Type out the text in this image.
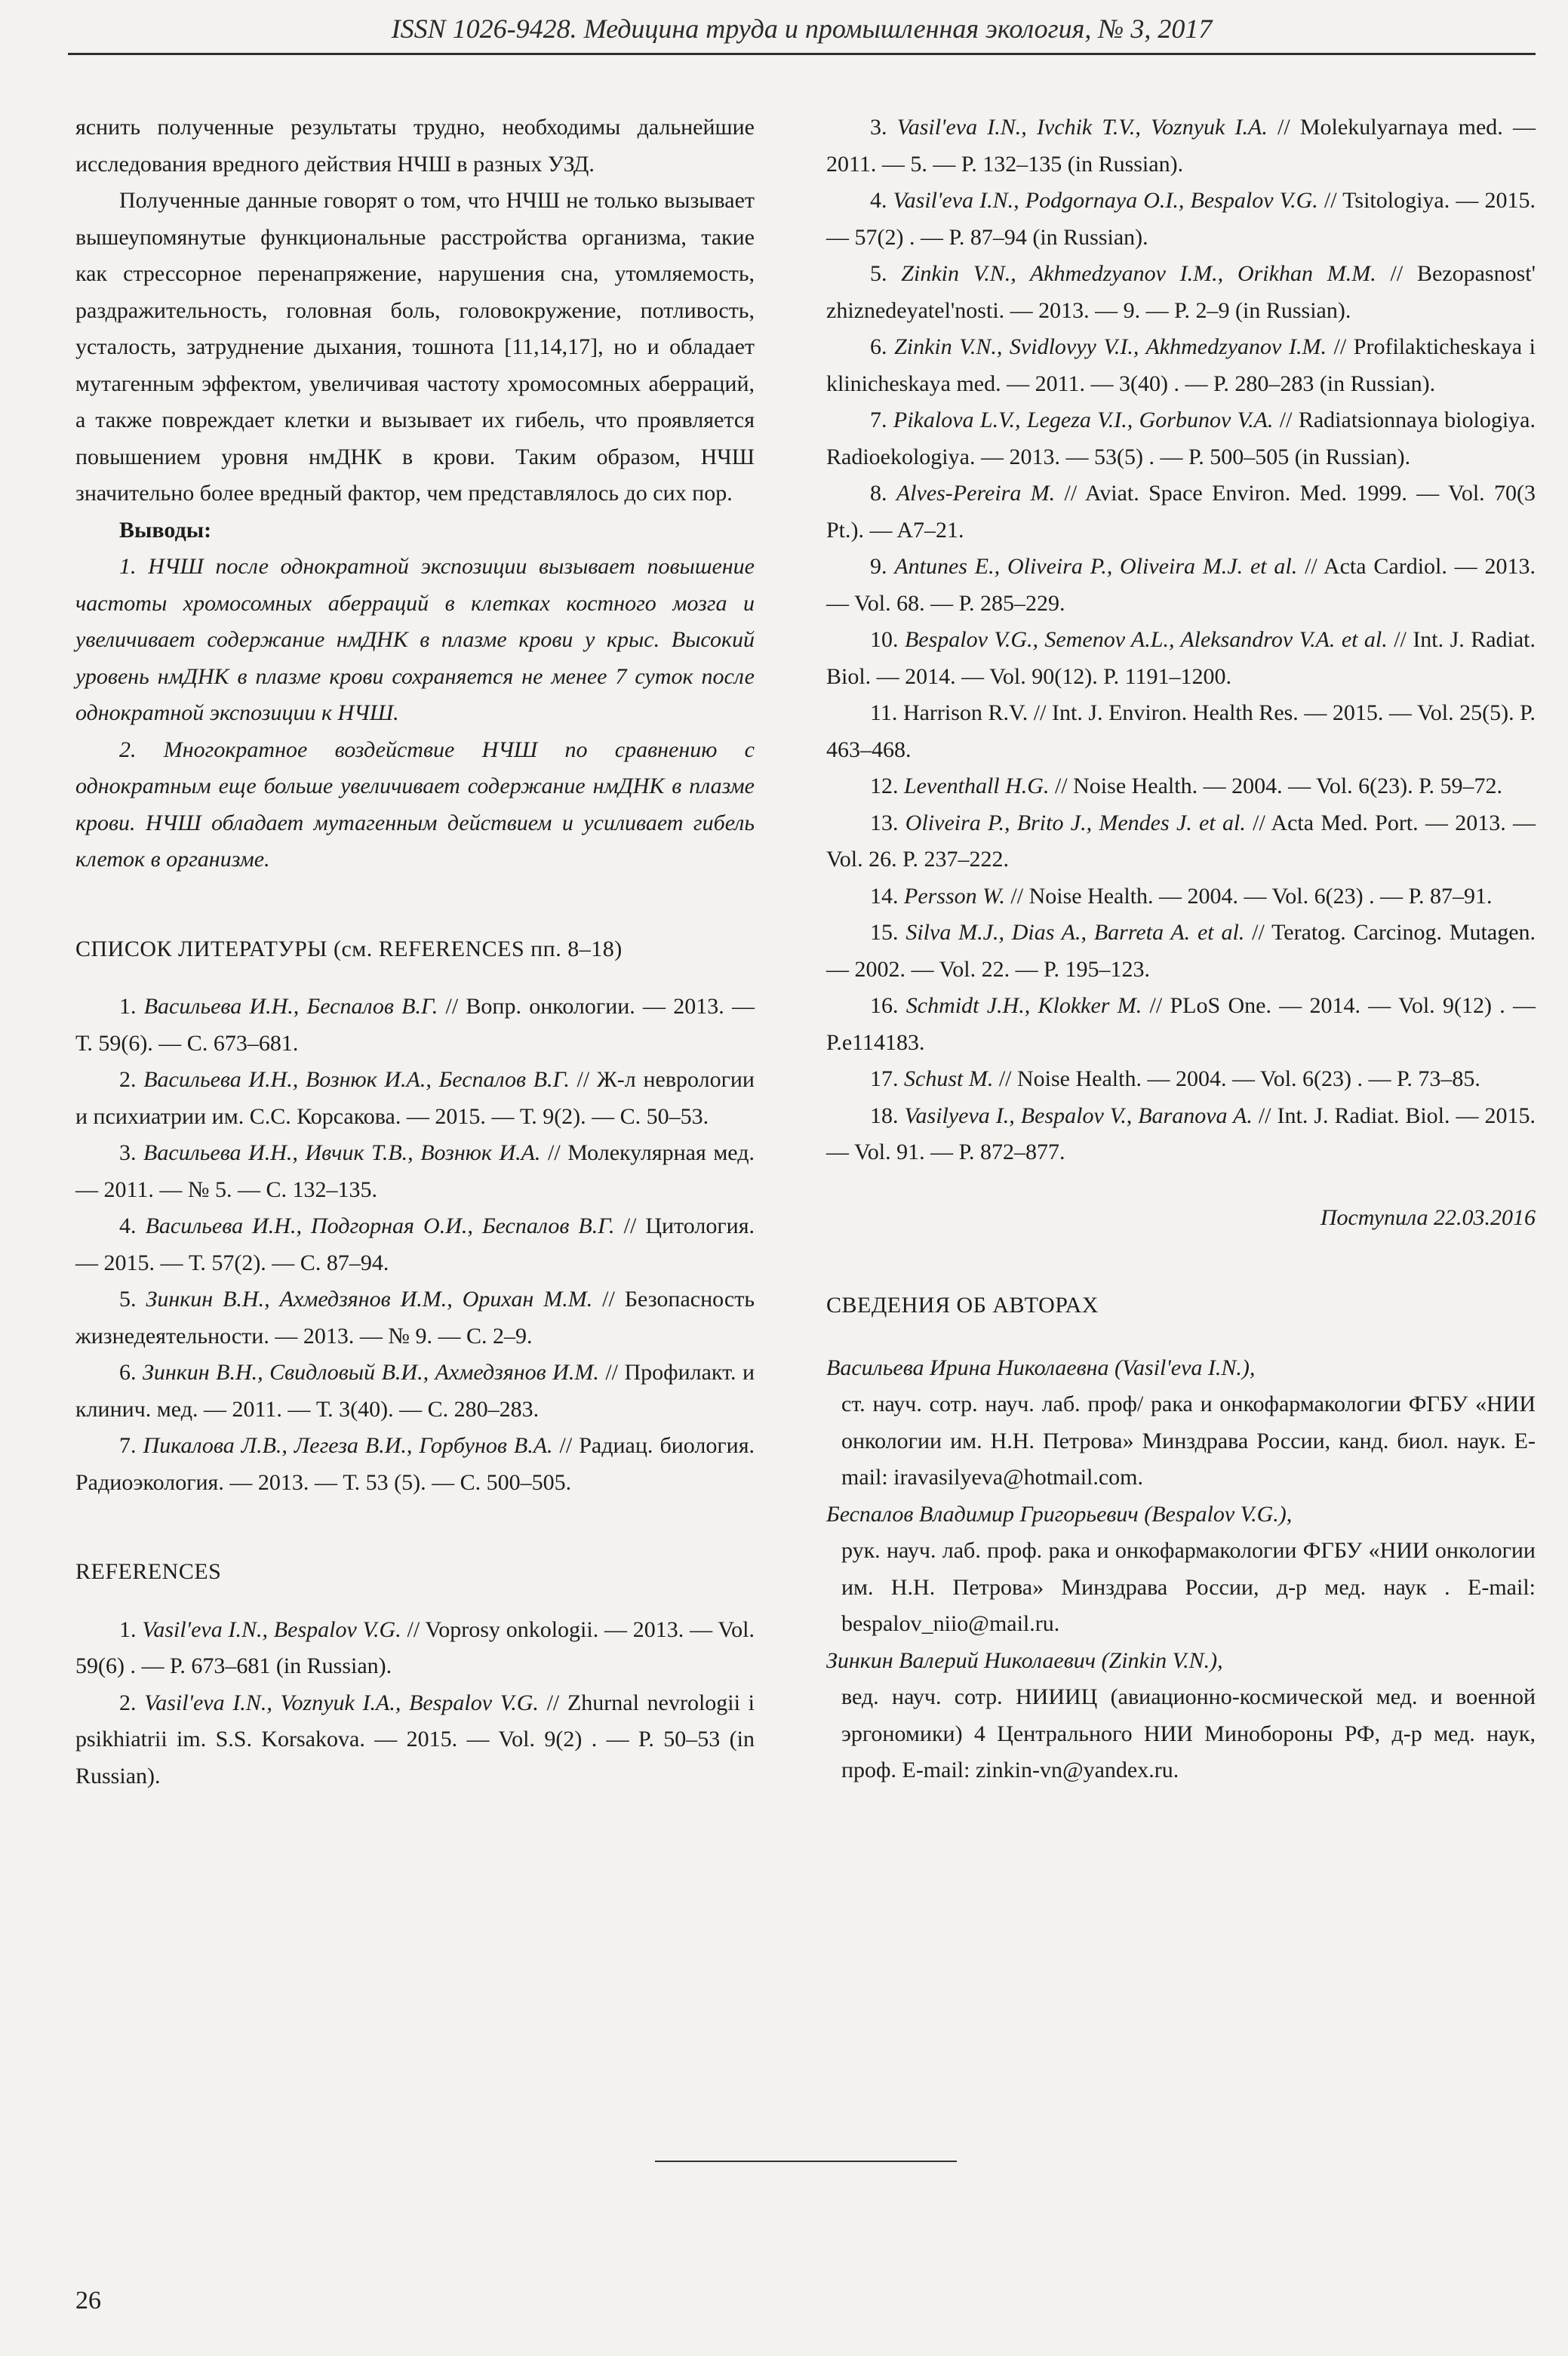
ISSN 1026-9428. Медицина труда и промышленная экология, № 3, 2017

яснить полученные результаты трудно, необходимы дальнейшие исследования вредного действия НЧШ в разных УЗД.

Полученные данные говорят о том, что НЧШ не только вызывает вышеупомянутые функциональные расстройства организма, такие как стрессорное перенапряжение, нарушения сна, утомляемость, раздражительность, головная боль, головокружение, потливость, усталость, затруднение дыхания, тошнота [11,14,17], но и обладает мутагенным эффектом, увеличивая частоту хромосомных аберраций, а также повреждает клетки и вызывает их гибель, что проявляется повышением уровня нмДНК в крови. Таким образом, НЧШ значительно более вредный фактор, чем представлялось до сих пор.

Выводы:

1. НЧШ после однократной экспозиции вызывает повышение частоты хромосомных аберраций в клетках костного мозга и увеличивает содержание нмДНК в плазме крови у крыс. Высокий уровень нмДНК в плазме крови сохраняется не менее 7 суток после однократной экспозиции к НЧШ.

2. Многократное воздействие НЧШ по сравнению с однократным еще больше увеличивает содержание нмДНК в плазме крови. НЧШ обладает мутагенным действием и усиливает гибель клеток в организме.

СПИСОК ЛИТЕРАТУРЫ (см. REFERENCES пп. 8–18)

1. Васильева И.Н., Беспалов В.Г. // Вопр. онкологии. — 2013. — Т. 59(6). — С. 673–681.

2. Васильева И.Н., Вознюк И.А., Беспалов В.Г. // Ж-л неврологии и психиатрии им. С.С. Корсакова. — 2015. — Т. 9(2). — С. 50–53.

3. Васильева И.Н., Ивчик Т.В., Вознюк И.А. // Молекулярная мед. — 2011. — № 5. — С. 132–135.

4. Васильева И.Н., Подгорная О.И., Беспалов В.Г. // Цитология. — 2015. — Т. 57(2). — С. 87–94.

5. Зинкин В.Н., Ахмедзянов И.М., Орихан М.М. // Безопасность жизнедеятельности. — 2013. — № 9. — С. 2–9.

6. Зинкин В.Н., Свидловый В.И., Ахмедзянов И.М. // Профилакт. и клинич. мед. — 2011. — Т. 3(40). — С. 280–283.

7. Пикалова Л.В., Легеза В.И., Горбунов В.А. // Радиац. биология. Радиоэкология. — 2013. — Т. 53 (5). — С. 500–505.

REFERENCES

1. Vasil'eva I.N., Bespalov V.G. // Voprosy onkologii. — 2013. — Vol. 59(6) . — P. 673–681 (in Russian).

2. Vasil'eva I.N., Voznyuk I.A., Bespalov V.G. // Zhurnal nevrologii i psikhiatrii im. S.S. Korsakova. — 2015. — Vol. 9(2) . — P. 50–53 (in Russian).

3. Vasil'eva I.N., Ivchik T.V., Voznyuk I.A. // Molekulyarnaya med. — 2011. — 5. — P. 132–135 (in Russian).

4. Vasil'eva I.N., Podgornaya O.I., Bespalov V.G. // Tsitologiya. — 2015. — 57(2) . — P. 87–94 (in Russian).

5. Zinkin V.N., Akhmedzyanov I.M., Orikhan M.M. // Bezopasnost' zhiznedeyatel'nosti. — 2013. — 9. — P. 2–9 (in Russian).

6. Zinkin V.N., Svidlovyy V.I., Akhmedzyanov I.M. // Profilakticheskaya i klinicheskaya med. — 2011. — 3(40) . — P. 280–283 (in Russian).

7. Pikalova L.V., Legeza V.I., Gorbunov V.A. // Radiatsionnaya biologiya. Radioekologiya. — 2013. — 53(5) . — P. 500–505 (in Russian).

8. Alves-Pereira M. // Aviat. Space Environ. Med. 1999. — Vol. 70(3 Pt.). — A7–21.

9. Antunes E., Oliveira P., Oliveira M.J. et al. // Acta Cardiol. — 2013. — Vol. 68. — P. 285–229.

10. Bespalov V.G., Semenov A.L., Aleksandrov V.A. et al. // Int. J. Radiat. Biol. — 2014. — Vol. 90(12). P. 1191–1200.

11. Harrison R.V. // Int. J. Environ. Health Res. — 2015. — Vol. 25(5). P. 463–468.

12. Leventhall H.G. // Noise Health. — 2004. — Vol. 6(23). P. 59–72.

13. Oliveira P., Brito J., Mendes J. et al. // Acta Med. Port. — 2013. — Vol. 26. P. 237–222.

14. Persson W. // Noise Health. — 2004. — Vol. 6(23) . — P. 87–91.

15. Silva M.J., Dias A., Barreta A. et al. // Teratog. Carcinog. Mutagen. — 2002. — Vol. 22. — P. 195–123.

16. Schmidt J.H., Klokker M. // PLoS One. — 2014. — Vol. 9(12) . — P.e114183.

17. Schust M. // Noise Health. — 2004. — Vol. 6(23) . — P. 73–85.

18. Vasilyeva I., Bespalov V., Baranova A. // Int. J. Radiat. Biol. — 2015. — Vol. 91. — P. 872–877.

Поступила 22.03.2016

СВЕДЕНИЯ ОБ АВТОРАХ

Васильева Ирина Николаевна (Vasil'eva I.N.),

ст. науч. сотр. науч. лаб. проф/ рака и онкофармакологии ФГБУ «НИИ онкологии им. Н.Н. Петрова» Минздрава России, канд. биол. наук. E-mail: iravasilyeva@hotmail.com.

Беспалов Владимир Григорьевич (Bespalov V.G.),

рук. науч. лаб. проф. рака и онкофармакологии ФГБУ «НИИ онкологии им. Н.Н. Петрова» Минздрава России, д-р мед. наук . E-mail: bespalov_niio@mail.ru.

Зинкин Валерий Николаевич (Zinkin V.N.),

вед. науч. сотр. НИИИЦ (авиационно-космической мед. и военной эргономики) 4 Центрального НИИ Минобороны РФ, д-р мед. наук, проф. E-mail: zinkin-vn@yandex.ru.

26
